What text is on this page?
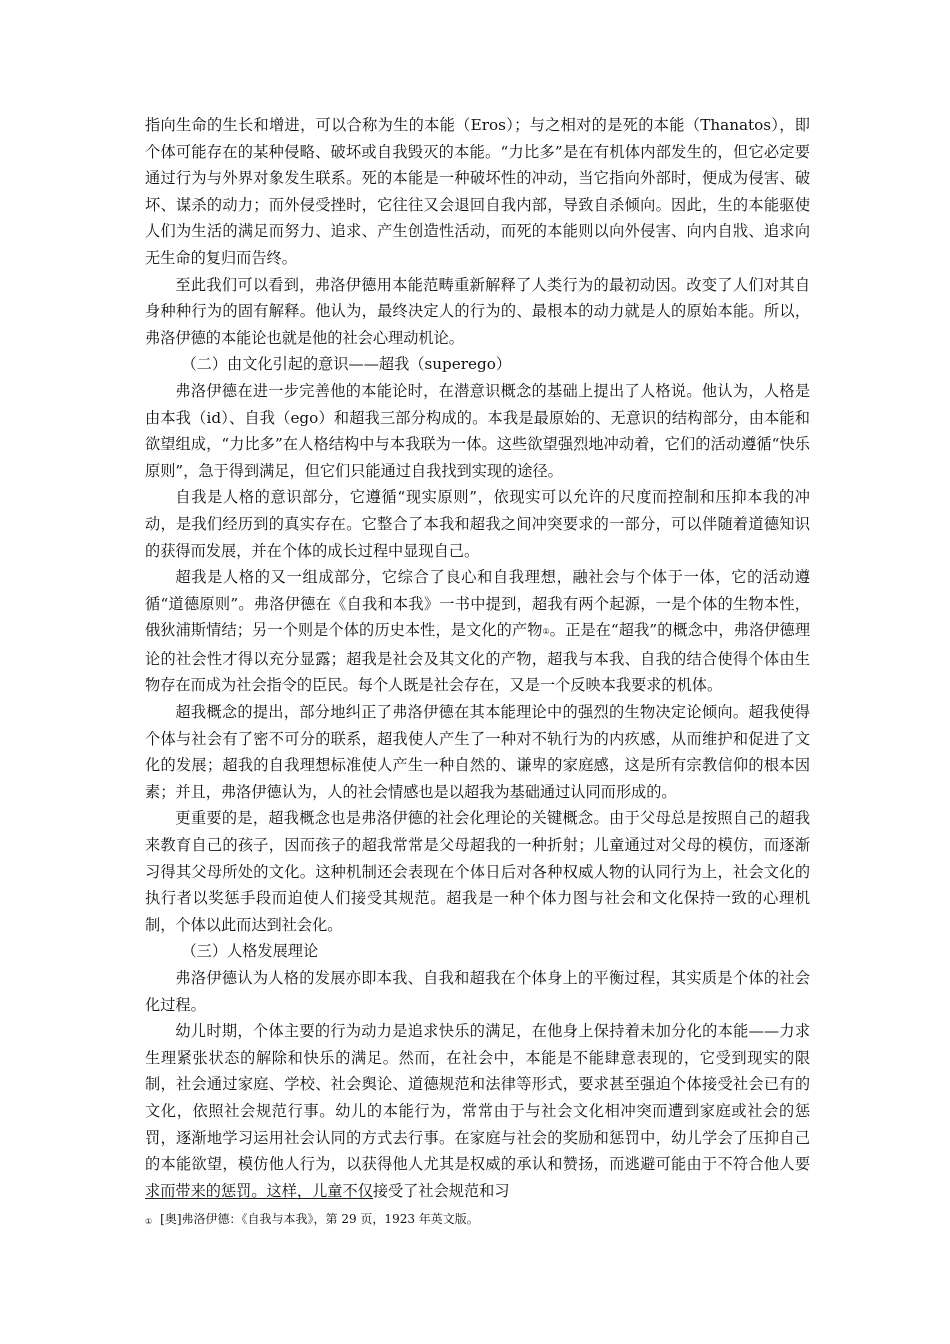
指向生命的生长和增进，可以合称为生的本能（Eros）；与之相对的是死的本能（Thanatos），即个体可能存在的某种侵略、破坏或自我毁灭的本能。“力比多”是在有机体内部发生的，但它必定要通过行为与外界对象发生联系。死的本能是一种破坏性的冲动，当它指向外部时，便成为侵害、破坏、谋杀的动力；而外侵受挫时，它往往又会退回自我内部，导致自杀倾向。因此，生的本能驱使人们为生活的满足而努力、追求、产生创造性活动，而死的本能则以向外侵害、向内自戕、追求向无生命的复归而告终。

至此我们可以看到，弗洛伊德用本能范畴重新解释了人类行为的最初动因。改变了人们对其自身种种行为的固有解释。他认为，最终决定人的行为的、最根本的动力就是人的原始本能。所以，弗洛伊德的本能论也就是他的社会心理动机论。

（二）由文化引起的意识——超我（superego）

弗洛伊德在进一步完善他的本能论时，在潜意识概念的基础上提出了人格说。他认为，人格是由本我（id）、自我（ego）和超我三部分构成的。本我是最原始的、无意识的结构部分，由本能和欲望组成，“力比多”在人格结构中与本我联为一体。这些欲望强烈地冲动着，它们的活动遵循“快乐原则”，急于得到满足，但它们只能通过自我找到实现的途径。

自我是人格的意识部分，它遵循“现实原则”，依现实可以允许的尺度而控制和压抑本我的冲动，是我们经历到的真实存在。它整合了本我和超我之间冲突要求的一部分，可以伴随着道德知识的获得而发展，并在个体的成长过程中显现自己。

超我是人格的又一组成部分，它综合了良心和自我理想，融社会与个体于一体，它的活动遵循“道德原则”。弗洛伊德在《自我和本我》一书中提到，超我有两个起源，一是个体的生物本性，俄狄浦斯情结；另一个则是个体的历史本性，是文化的产物①。正是在“超我”的概念中，弗洛伊德理论的社会性才得以充分显露；超我是社会及其文化的产物，超我与本我、自我的结合使得个体由生物存在而成为社会指令的臣民。每个人既是社会存在，又是一个反映本我要求的机体。

超我概念的提出，部分地纠正了弗洛伊德在其本能理论中的强烈的生物决定论倾向。超我使得个体与社会有了密不可分的联系，超我使人产生了一种对不轨行为的内疚感，从而维护和促进了文化的发展；超我的自我理想标准使人产生一种自然的、谦卑的家庭感，这是所有宗教信仰的根本因素；并且，弗洛伊德认为，人的社会情感也是以超我为基础通过认同而形成的。

更重要的是，超我概念也是弗洛伊德的社会化理论的关键概念。由于父母总是按照自己的超我来教育自己的孩子，因而孩子的超我常常是父母超我的一种折射；儿童通过对父母的模仿，而逐渐习得其父母所处的文化。这种机制还会表现在个体日后对各种权威人物的认同行为上，社会文化的执行者以奖惩手段而迫使人们接受其规范。超我是一种个体力图与社会和文化保持一致的心理机制，个体以此而达到社会化。

（三）人格发展理论

弗洛伊德认为人格的发展亦即本我、自我和超我在个体身上的平衡过程，其实质是个体的社会化过程。

幼儿时期，个体主要的行为动力是追求快乐的满足，在他身上保持着未加分化的本能——力求生理紧张状态的解除和快乐的满足。然而，在社会中，本能是不能肆意表现的，它受到现实的限制，社会通过家庭、学校、社会舆论、道德规范和法律等形式，要求甚至强迫个体接受社会已有的文化，依照社会规范行事。幼儿的本能行为，常常由于与社会文化相冲突而遭到家庭或社会的惩罚，逐渐地学习运用社会认同的方式去行事。在家庭与社会的奖励和惩罚中，幼儿学会了压抑自己的本能欲望，模仿他人行为，以获得他人尤其是权威的承认和赞扬，而逃避可能由于不符合他人要求而带来的惩罚。这样，儿童不仅接受了社会规范和习

① [奥]弗洛伊德：《自我与本我》，第 29 页，1923 年英文版。
